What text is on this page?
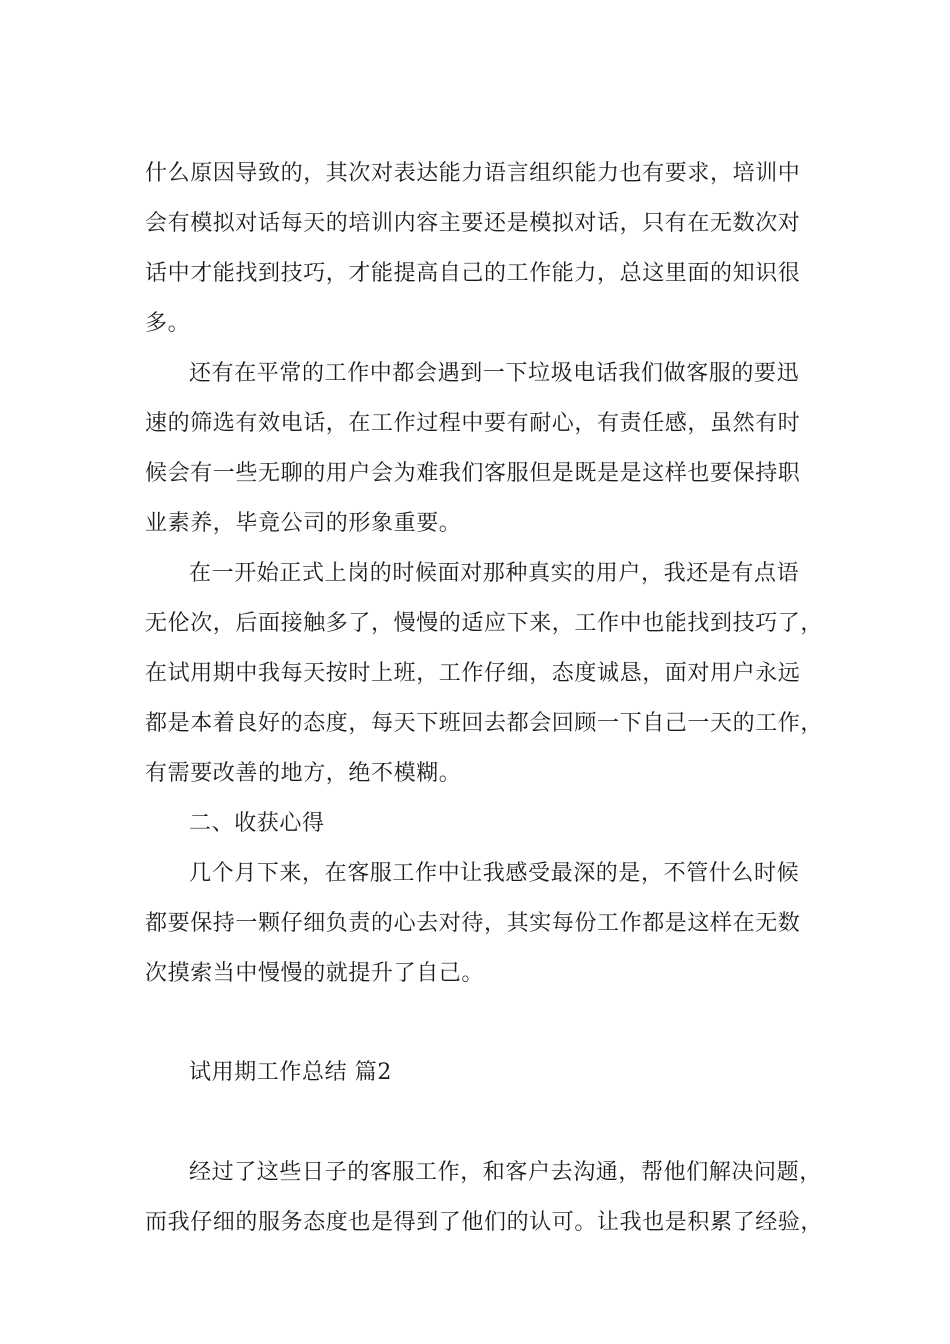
什么原因导致的，其次对表达能力语言组织能力也有要求，培训中

会有模拟对话每天的培训内容主要还是模拟对话，只有在无数次对

话中才能找到技巧，才能提高自己的工作能力，总这里面的知识很

多。

还有在平常的工作中都会遇到一下垃圾电话我们做客服的要迅

速的筛选有效电话，在工作过程中要有耐心，有责任感，虽然有时

候会有一些无聊的用户会为难我们客服但是既是是这样也要保持职

业素养，毕竟公司的形象重要。

在一开始正式上岗的时候面对那种真实的用户，我还是有点语

无伦次，后面接触多了，慢慢的适应下来，工作中也能找到技巧了，

在试用期中我每天按时上班，工作仔细，态度诚恳，面对用户永远

都是本着良好的态度，每天下班回去都会回顾一下自己一天的工作，

有需要改善的地方，绝不模糊。

二、收获心得

几个月下来，在客服工作中让我感受最深的是，不管什么时候

都要保持一颗仔细负责的心去对待，其实每份工作都是这样在无数

次摸索当中慢慢的就提升了自己。

试用期工作总结 篇2

经过了这些日子的客服工作，和客户去沟通，帮他们解决问题，

而我仔细的服务态度也是得到了他们的认可。让我也是积累了经验，
